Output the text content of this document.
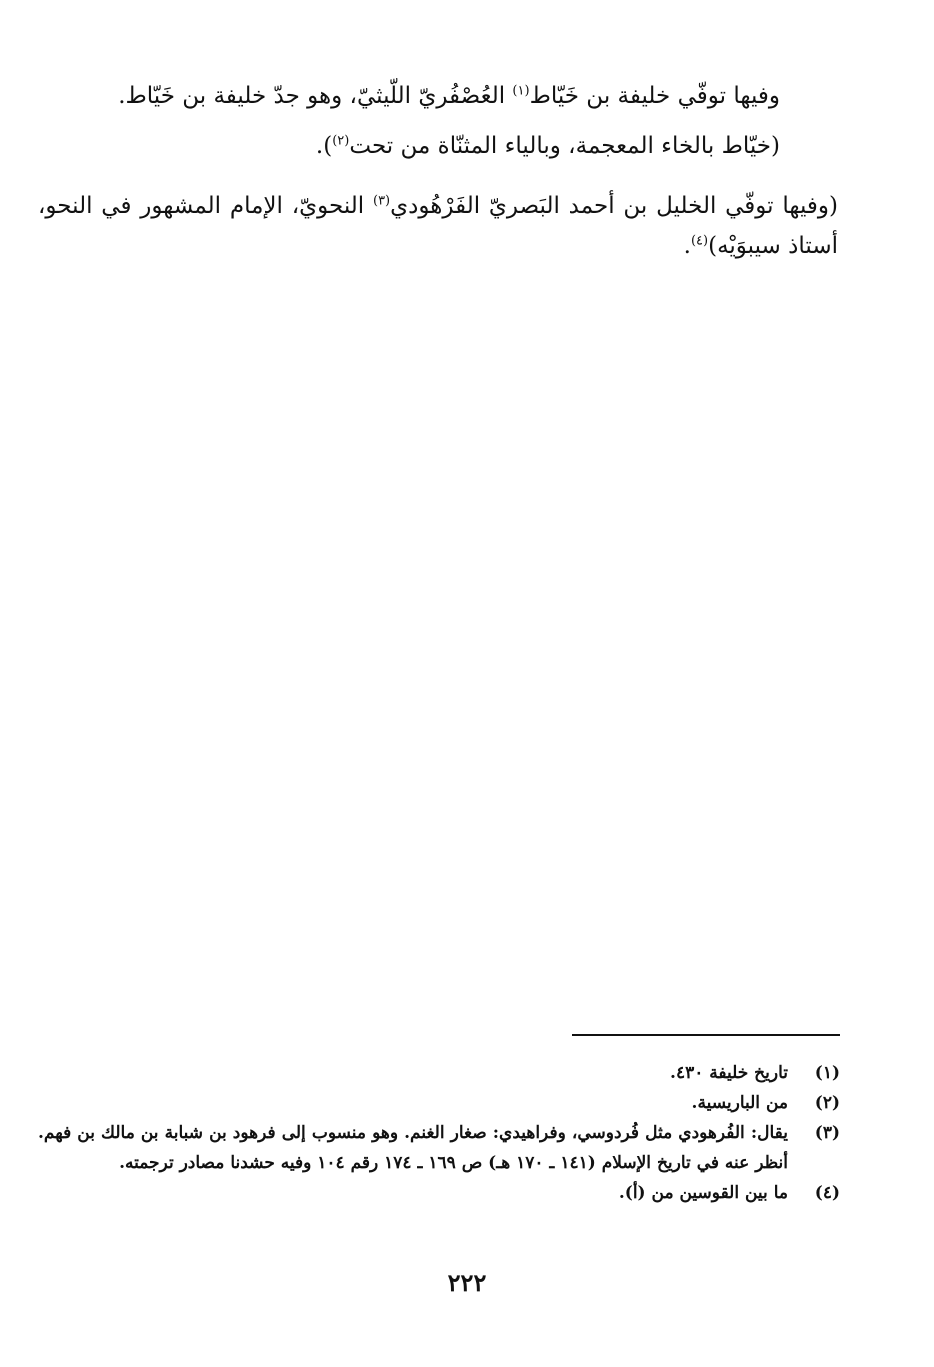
وفيها توفّي خليفة بن خَيّاط$^{(١)}$ العُصْفُريّ اللّيثيّ، وهو جدّ خليفة بن خَيّاط.

(خيّاط بالخاء المعجمة، وبالياء المثنّاة من تحت$^{(٢)}$).

(وفيها توفّي الخليل بن أحمد البَصريّ الفَرْهُودي$^{(٣)}$ النحويّ، الإمام المشهور في النحو، أستاذ سيبوَيْه)$^{(٤)}$.

(١)
تاريخ خليفة ٤٣٠.
(٢)
من الباريسية.
(٣)
يقال: الفُرهودي مثل فُردوسي، وفراهيدي: صغار الغنم. وهو منسوب إلى فرهود بن شبابة بن مالك بن فهم. أنظر عنه في تاريخ الإسلام (١٤١ ـ ١٧٠ هـ) ص ١٦٩ ـ ١٧٤ رقم ١٠٤ وفيه حشدنا مصادر ترجمته.
(٤)
ما بين القوسين من (أ).
٢٢٢
